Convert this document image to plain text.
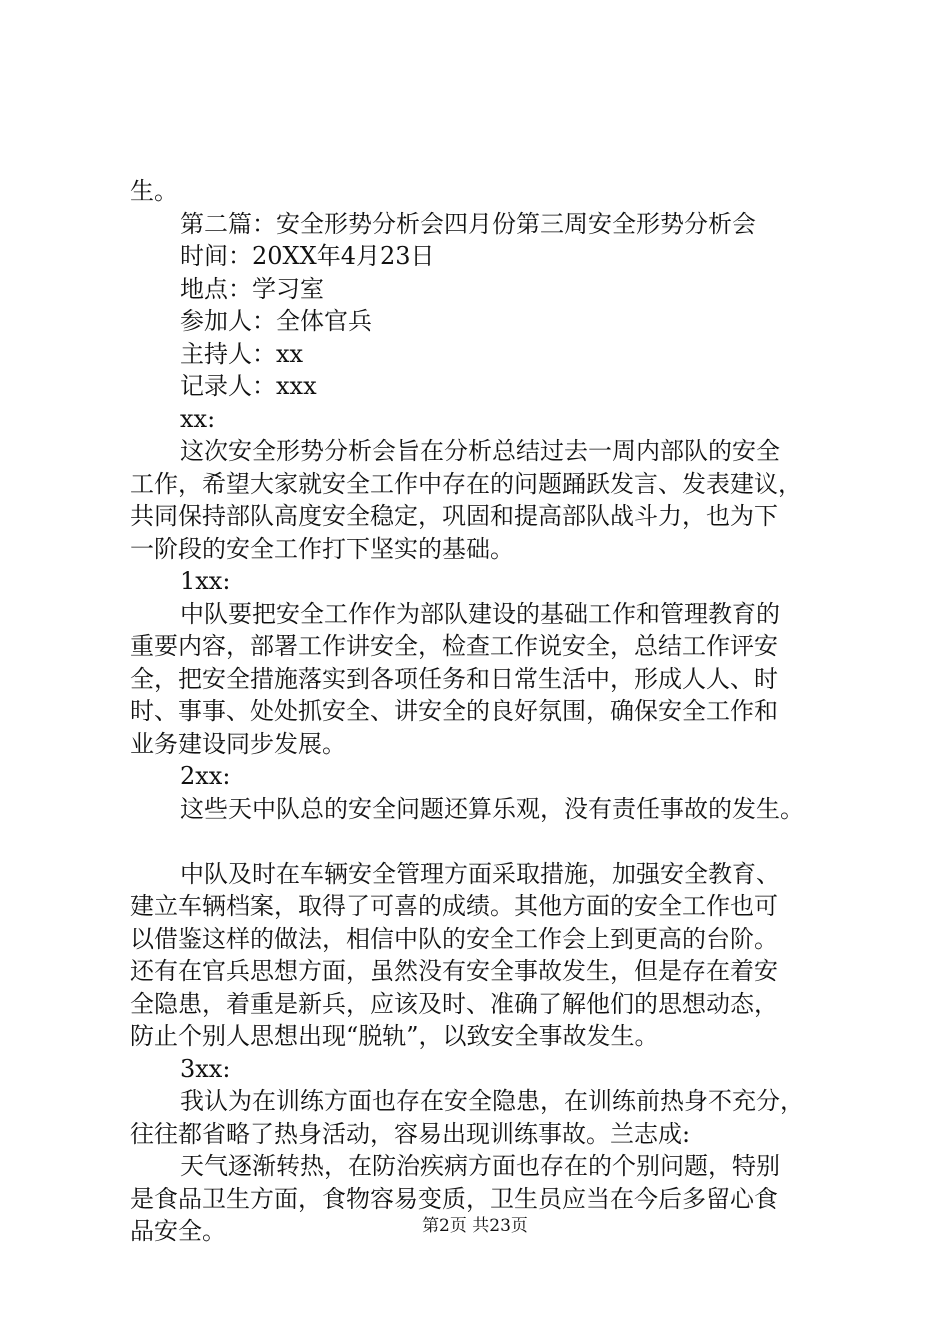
生。
第二篇：安全形势分析会四月份第三周安全形势分析会
时间：20XX年4月23日
地点：学习室
参加人：全体官兵
主持人：xx
记录人：xxx
xx:
这次安全形势分析会旨在分析总结过去一周内部队的安全
工作，希望大家就安全工作中存在的问题踊跃发言、发表建议，
共同保持部队高度安全稳定，巩固和提高部队战斗力，也为下
一阶段的安全工作打下坚实的基础。
1xx:
中队要把安全工作作为部队建设的基础工作和管理教育的
重要内容，部署工作讲安全，检查工作说安全，总结工作评安
全，把安全措施落实到各项任务和日常生活中，形成人人、时
时、事事、处处抓安全、讲安全的良好氛围，确保安全工作和
业务建设同步发展。
2xx:
这些天中队总的安全问题还算乐观，没有责任事故的发生。
中队及时在车辆安全管理方面采取措施，加强安全教育、
建立车辆档案，取得了可喜的成绩。其他方面的安全工作也可
以借鉴这样的做法，相信中队的安全工作会上到更高的台阶。
还有在官兵思想方面，虽然没有安全事故发生，但是存在着安
全隐患，着重是新兵，应该及时、准确了解他们的思想动态，
防止个别人思想出现“脱轨”，以致安全事故发生。
3xx:
我认为在训练方面也存在安全隐患，在训练前热身不充分，
往往都省略了热身活动，容易出现训练事故。兰志成:
天气逐渐转热，在防治疾病方面也存在的个别问题，特别
是食品卫生方面，食物容易变质，卫生员应当在今后多留心食
品安全。	第2页 共23页
